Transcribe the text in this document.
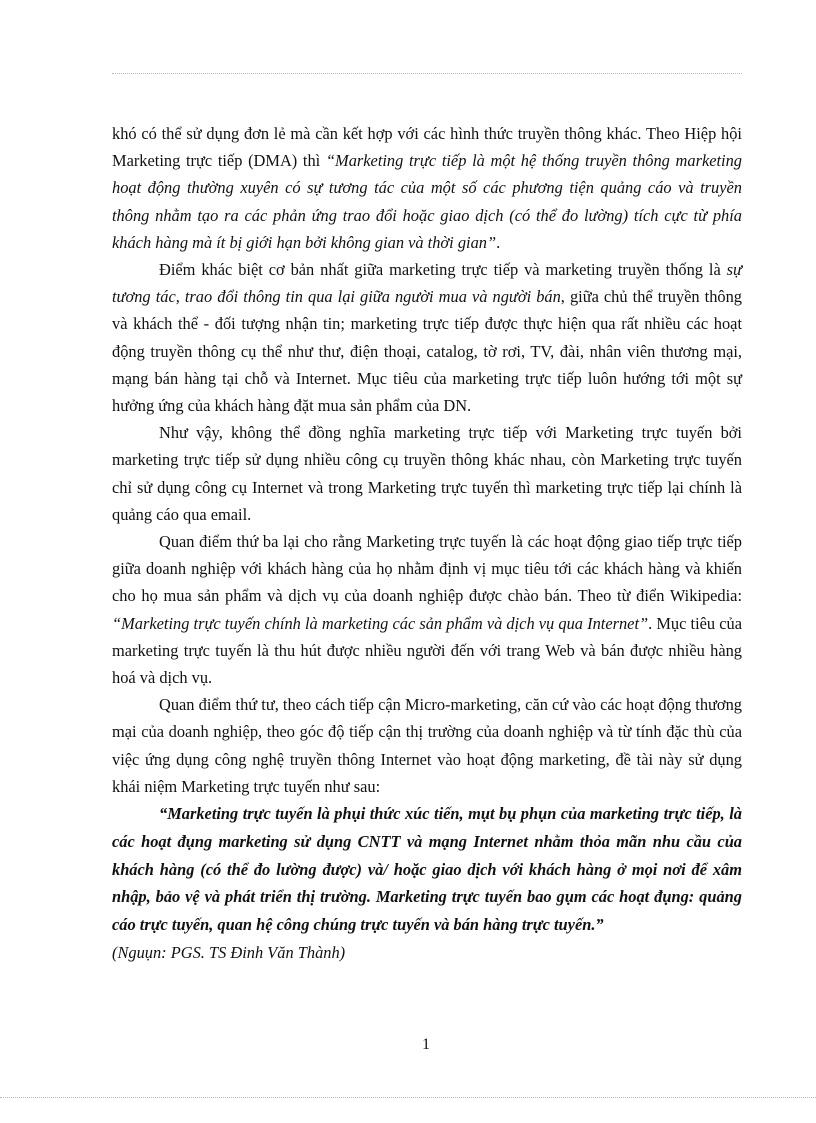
khó có thể sử dụng đơn lẻ mà cần kết hợp với các hình thức truyền thông khác. Theo Hiệp hội Marketing trực tiếp (DMA) thì “Marketing trực tiếp là một hệ thống truyền thông marketing hoạt động thường xuyên có sự tương tác của một số các phương tiện quảng cáo và truyền thông nhằm tạo ra các phản ứng trao đổi hoặc giao dịch (có thể đo lường) tích cực từ phía khách hàng mà ít bị giới hạn bởi không gian và thời gian”.

Điểm khác biệt cơ bản nhất giữa marketing trực tiếp và marketing truyền thống là sự tương tác, trao đổi thông tin qua lại giữa người mua và người bán, giữa chủ thể truyền thông và khách thể - đối tượng nhận tin; marketing trực tiếp được thực hiện qua rất nhiều các hoạt động truyền thông cụ thể như thư, điện thoại, catalog, tờ rơi, TV, đài, nhân viên thương mại, mạng bán hàng tại chỗ và Internet. Mục tiêu của marketing trực tiếp luôn hướng tới một sự hưởng ứng của khách hàng đặt mua sản phẩm của DN.

Như vậy, không thể đồng nghĩa marketing trực tiếp với Marketing trực tuyến bởi marketing trực tiếp sử dụng nhiều công cụ truyền thông khác nhau, còn Marketing trực tuyến chỉ sử dụng công cụ Internet và trong Marketing trực tuyến thì marketing trực tiếp lại chính là quảng cáo qua email.

Quan điểm thứ ba lại cho rằng Marketing trực tuyến là các hoạt động giao tiếp trực tiếp giữa doanh nghiệp với khách hàng của họ nhằm định vị mục tiêu tới các khách hàng và khiến cho họ mua sản phẩm và dịch vụ của doanh nghiệp được chào bán. Theo từ điển Wikipedia: “Marketing trực tuyến chính là marketing các sản phẩm và dịch vụ qua Internet”. Mục tiêu của marketing trực tuyến là thu hút được nhiều người đến với trang Web và bán được nhiều hàng hoá và dịch vụ.

Quan điểm thứ tư, theo cách tiếp cận Micro-marketing, căn cứ vào các hoạt động thương mại của doanh nghiệp, theo góc độ tiếp cận thị trường của doanh nghiệp và từ tính đặc thù của việc ứng dụng công nghệ truyền thông Internet vào hoạt động marketing, đề tài này sử dụng khái niệm Marketing trực tuyến như sau:

“Marketing trực tuyến là phụi thức xúc tiến, mụt bụ phụn của marketing trực tiếp, là các hoạt đụng marketing sử dụng CNTT và mạng Internet nhằm thỏa mãn nhu cầu của khách hàng (có thể đo lường được) và/ hoặc giao dịch với khách hàng ở mọi nơi để xâm nhập, bảo vệ và phát triển thị trường. Marketing trực tuyến bao gụm các hoạt đụng: quảng cáo trực tuyến, quan hệ công chúng trực tuyến và bán hàng trực tuyến.”

(Nguụn: PGS. TS Đinh Văn Thành)

1
